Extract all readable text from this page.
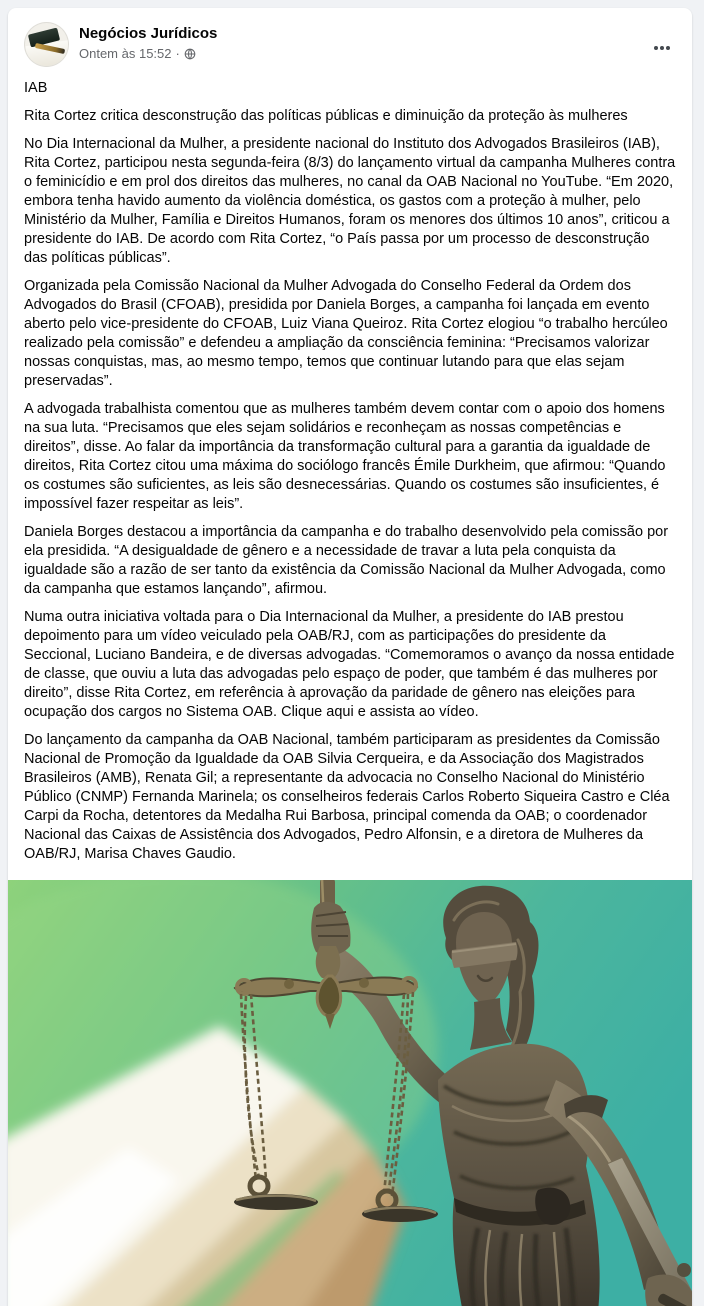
Negócios Jurídicos
Ontem às 15:52 ·

IAB

Rita Cortez critica desconstrução das políticas públicas e diminuição da proteção às mulheres

No Dia Internacional da Mulher, a presidente nacional do Instituto dos Advogados Brasileiros (IAB), Rita Cortez, participou nesta segunda-feira (8/3) do lançamento virtual da campanha Mulheres contra o feminicídio e em prol dos direitos das mulheres, no canal da OAB Nacional no YouTube. “Em 2020, embora tenha havido aumento da violência doméstica, os gastos com a proteção à mulher, pelo Ministério da Mulher, Família e Direitos Humanos, foram os menores dos últimos 10 anos”, criticou a presidente do IAB. De acordo com Rita Cortez, “o País passa por um processo de desconstrução das políticas públicas”.

Organizada pela Comissão Nacional da Mulher Advogada do Conselho Federal da Ordem dos Advogados do Brasil (CFOAB), presidida por Daniela Borges, a campanha foi lançada em evento aberto pelo vice-presidente do CFOAB, Luiz Viana Queiroz. Rita Cortez elogiou “o trabalho hercúleo realizado pela comissão” e defendeu a ampliação da consciência feminina: “Precisamos valorizar nossas conquistas, mas, ao mesmo tempo, temos que continuar lutando para que elas sejam preservadas”.

A advogada trabalhista comentou que as mulheres também devem contar com o apoio dos homens na sua luta. “Precisamos que eles sejam solidários e reconheçam as nossas competências e direitos”, disse. Ao falar da importância da transformação cultural para a garantia da igualdade de direitos, Rita Cortez citou uma máxima do sociólogo francês Émile Durkheim, que afirmou: “Quando os costumes são suficientes, as leis são desnecessárias. Quando os costumes são insuficientes, é impossível fazer respeitar as leis”.

Daniela Borges destacou a importância da campanha e do trabalho desenvolvido pela comissão por ela presidida. “A desigualdade de gênero e a necessidade de travar a luta pela conquista da igualdade são a razão de ser tanto da existência da Comissão Nacional da Mulher Advogada, como da campanha que estamos lançando”, afirmou.

Numa outra iniciativa voltada para o Dia Internacional da Mulher, a presidente do IAB prestou depoimento para um vídeo veiculado pela OAB/RJ, com as participações do presidente da Seccional, Luciano Bandeira, e de diversas advogadas. “Comemoramos o avanço da nossa entidade de classe, que ouviu a luta das advogadas pelo espaço de poder, que também é das mulheres por direito”, disse Rita Cortez, em referência à aprovação da paridade de gênero nas eleições para ocupação dos cargos no Sistema OAB. Clique aqui e assista ao vídeo.

Do lançamento da campanha da OAB Nacional, também participaram as presidentes da Comissão Nacional de Promoção da Igualdade da OAB Silvia Cerqueira, e da Associação dos Magistrados Brasileiros (AMB), Renata Gil; a representante da advocacia no Conselho Nacional do Ministério Público (CNMP) Fernanda Marinela; os conselheiros federais Carlos Roberto Siqueira Castro e Cléa Carpi da Rocha, detentores da Medalha Rui Barbosa, principal comenda da OAB; o coordenador Nacional das Caixas de Assistência dos Advogados, Pedro Alfonsin, e a diretora de Mulheres da OAB/RJ, Marisa Chaves Gaudio.
